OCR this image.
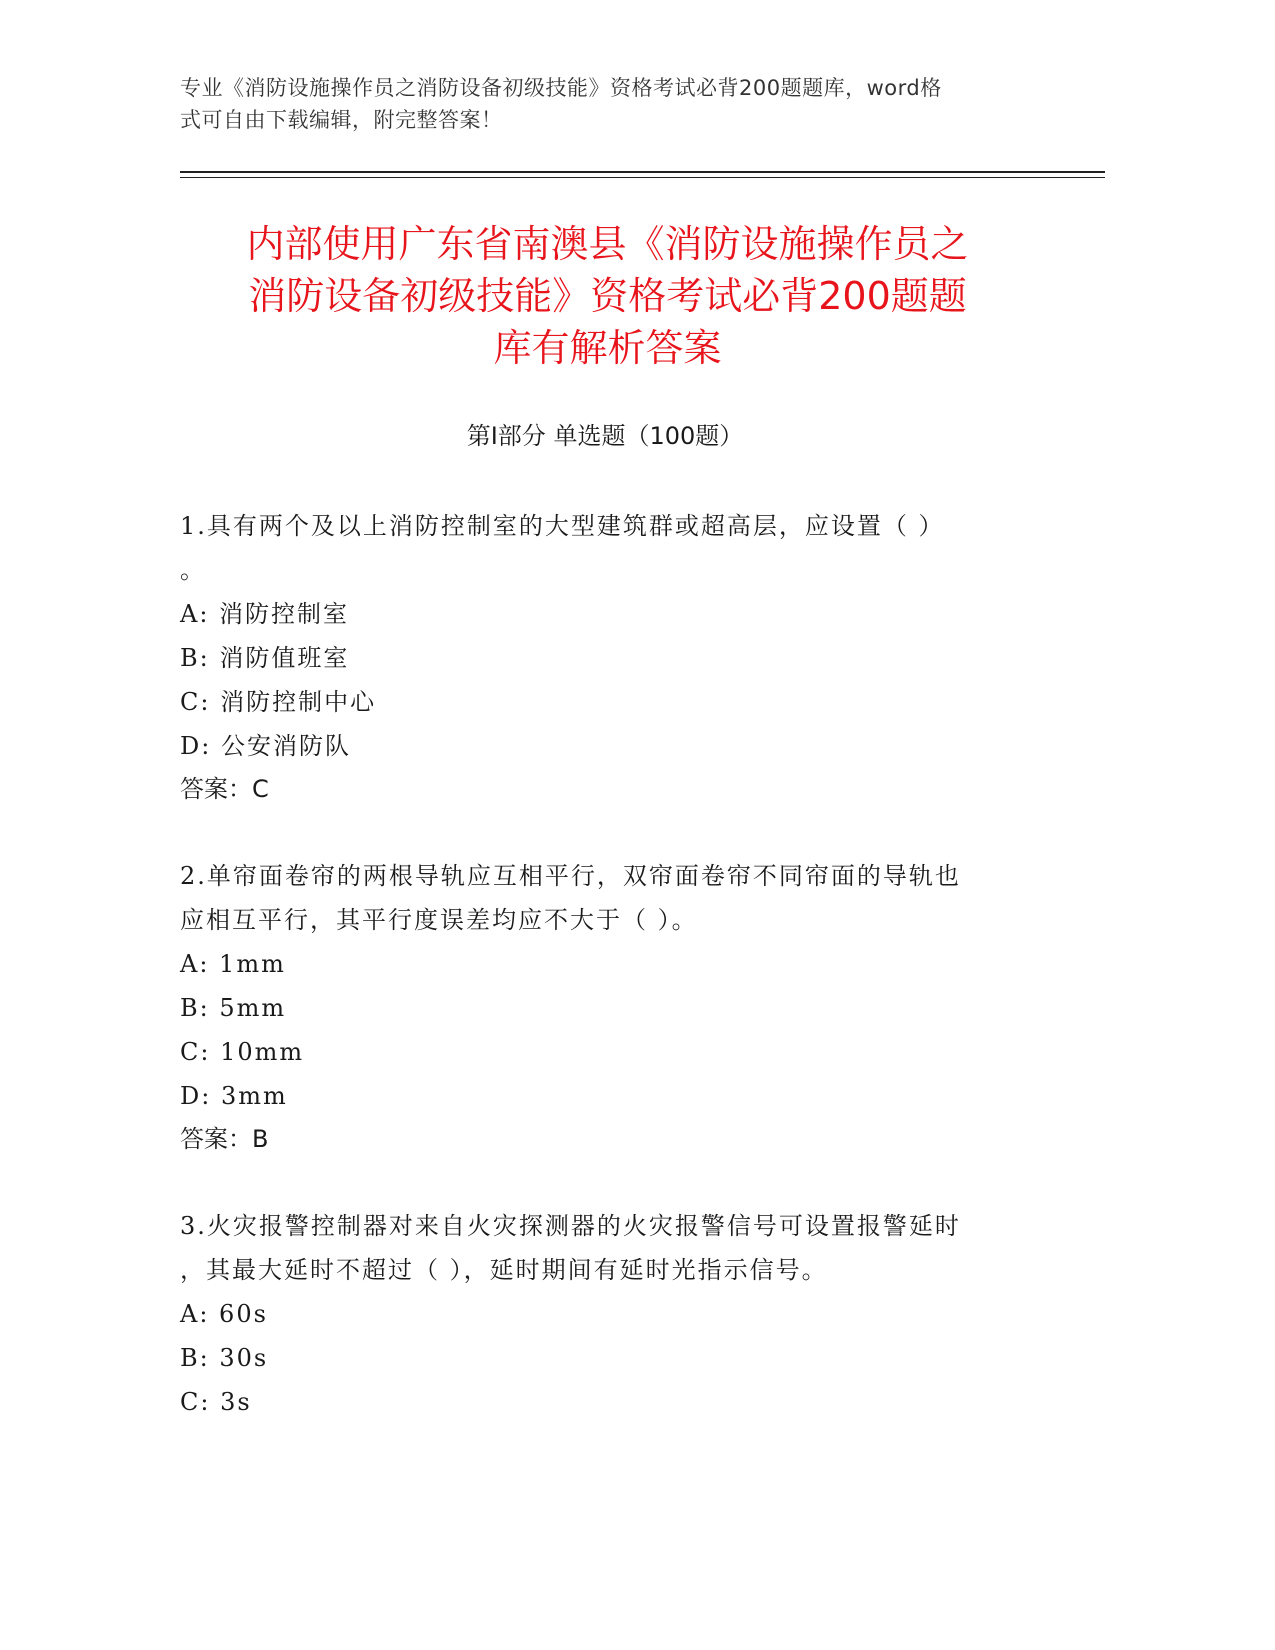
专业《消防设施操作员之消防设备初级技能》资格考试必背200题题库，word格
式可自由下载编辑，附完整答案！
内部使用广东省南澳县《消防设施操作员之
消防设备初级技能》资格考试必背200题题
库有解析答案
第Ⅰ部分 单选题（100题）

1.具有两个及以上消防控制室的大型建筑群或超高层，应设置（ ）

。

A: 消防控制室

B: 消防值班室

C: 消防控制中心

D: 公安消防队

答案：C

2.单帘面卷帘的两根导轨应互相平行，双帘面卷帘不同帘面的导轨也

应相互平行，其平行度误差均应不大于（ ）。

A: 1mm

B: 5mm

C: 10mm

D: 3mm

答案：B

3.火灾报警控制器对来自火灾探测器的火灾报警信号可设置报警延时

，其最大延时不超过（ ），延时期间有延时光指示信号。

A: 60s

B: 30s

C: 3s
